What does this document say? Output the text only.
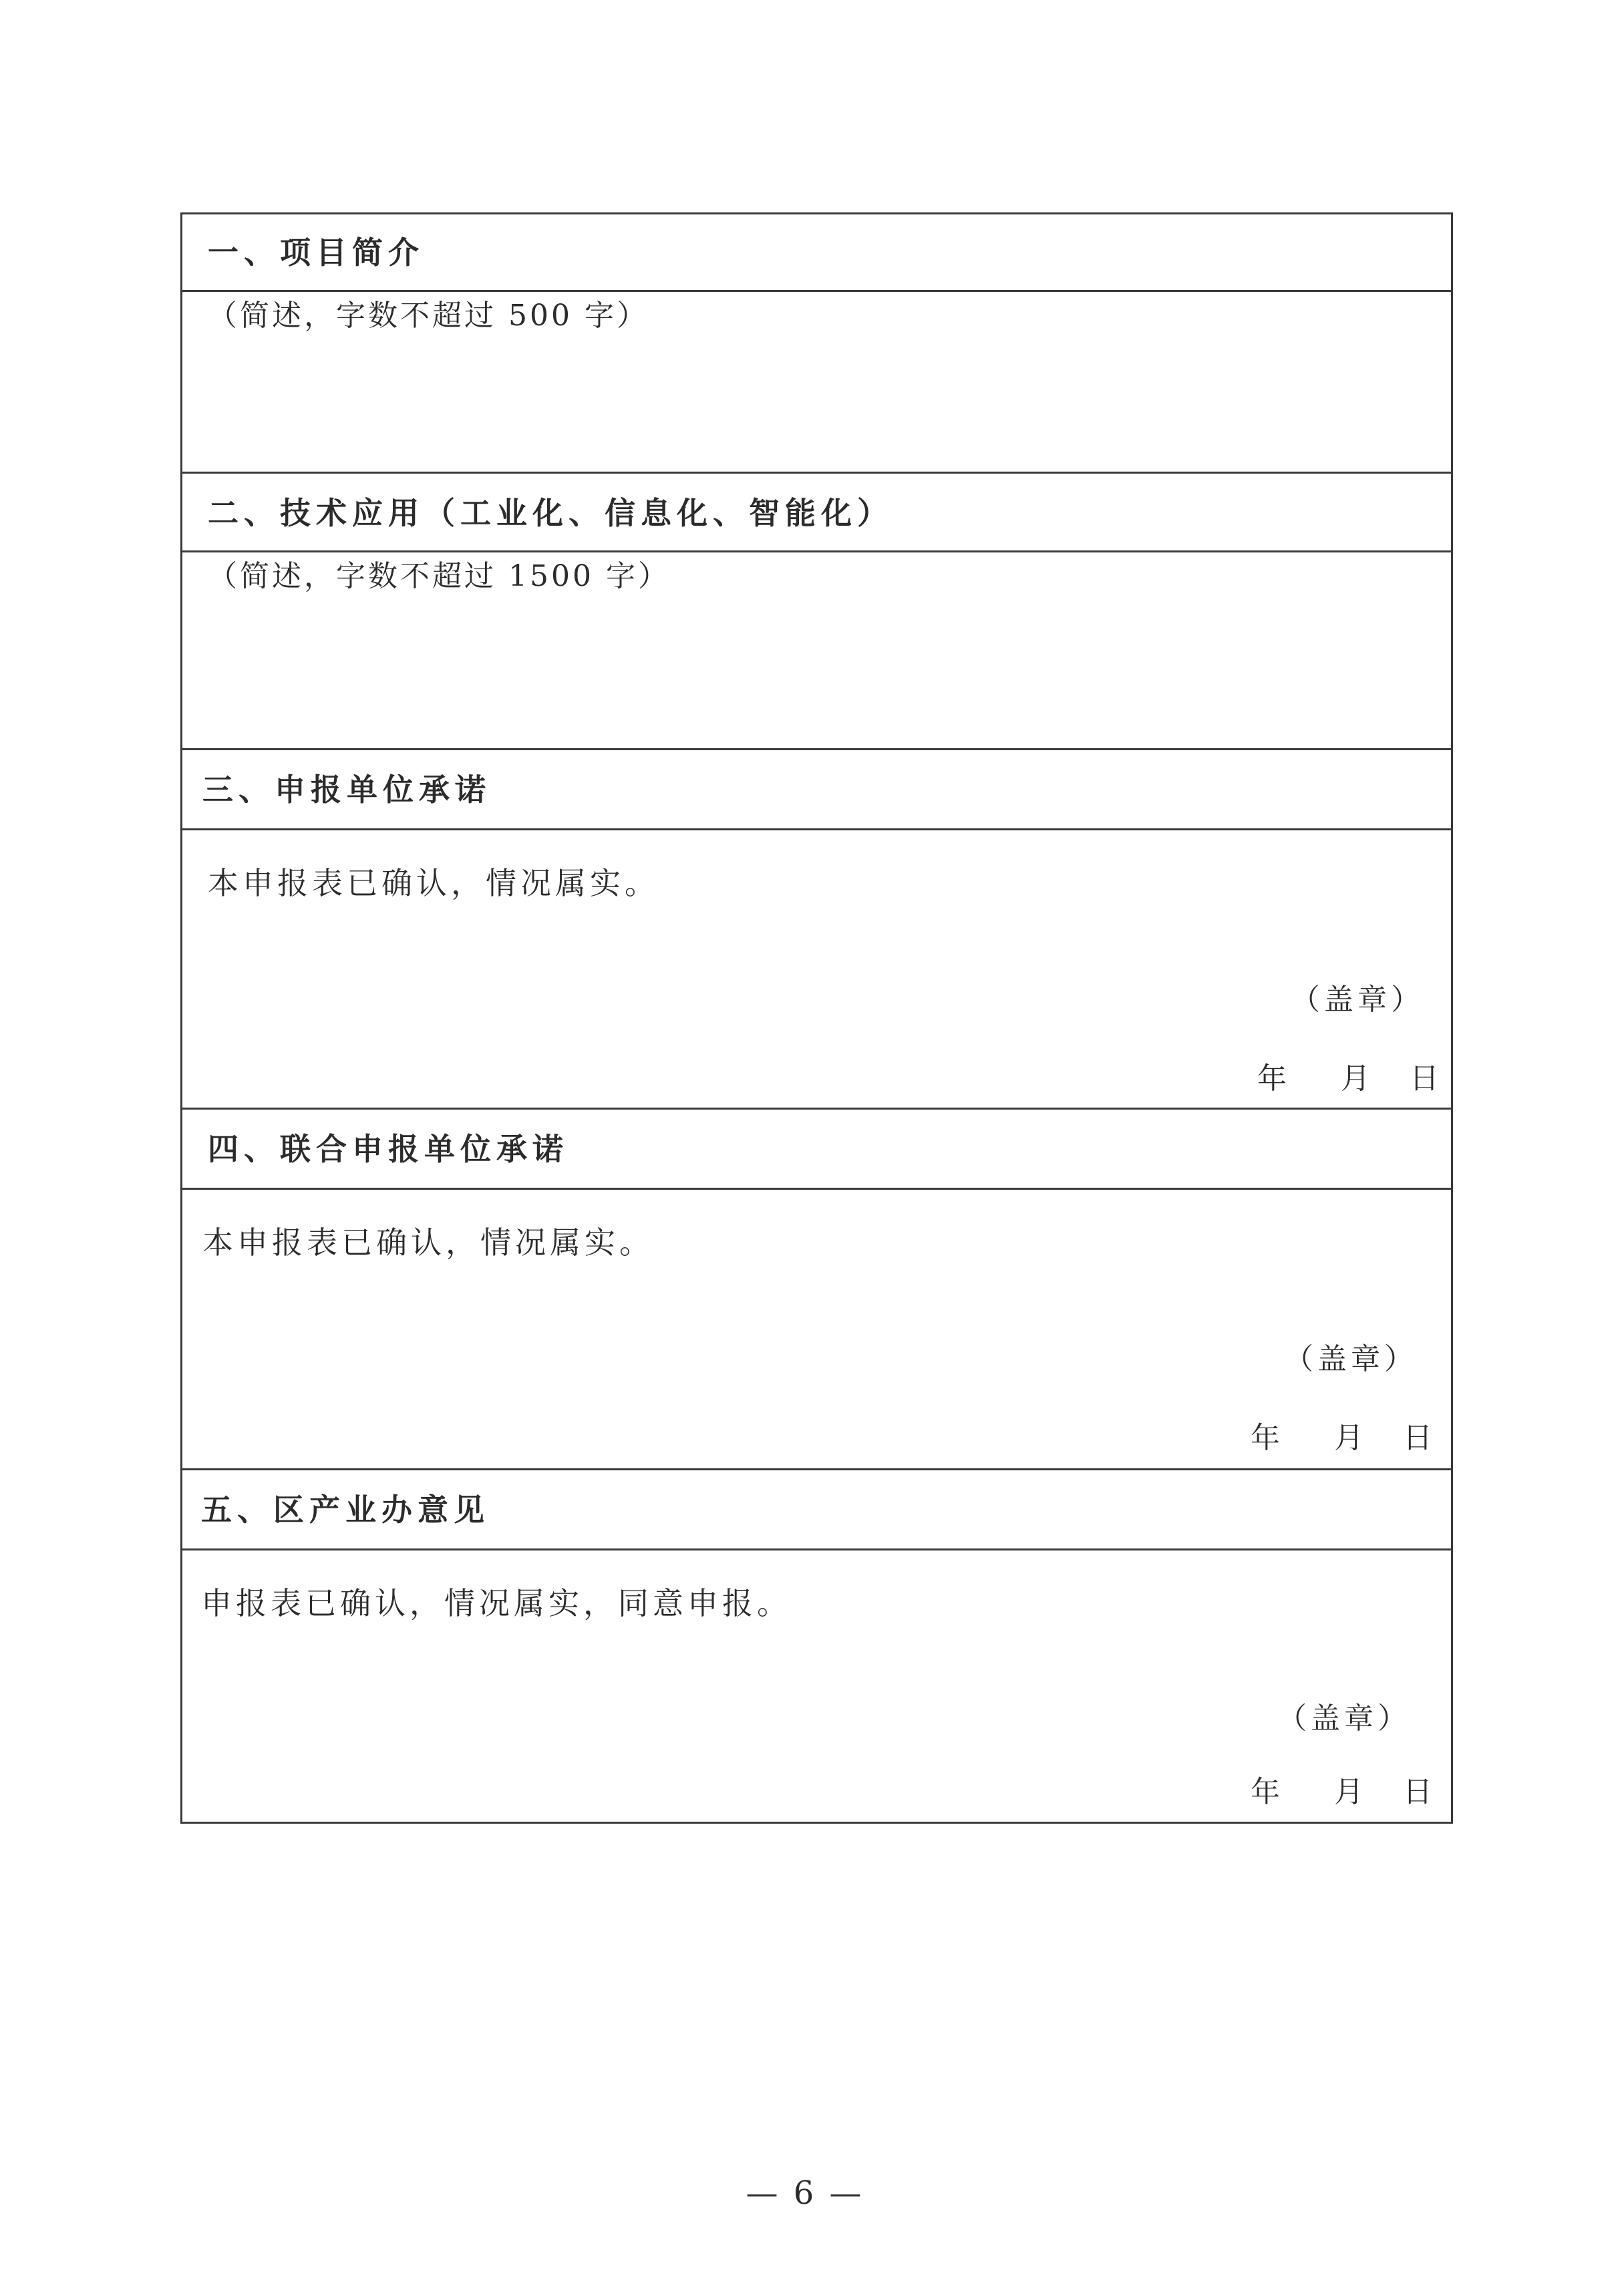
一、项目简介
（简述，字数不超过 500 字）
二、技术应用（工业化、信息化、智能化）
（简述，字数不超过 1500 字）
三、申报单位承诺
本申报表已确认，情况属实。
（盖章）
年 月 日
四、联合申报单位承诺
本申报表已确认，情况属实。
（盖章）
年 月 日
五、区产业办意见
申报表已确认，情况属实，同意申报。
（盖章）
年 月 日
— 6 —
